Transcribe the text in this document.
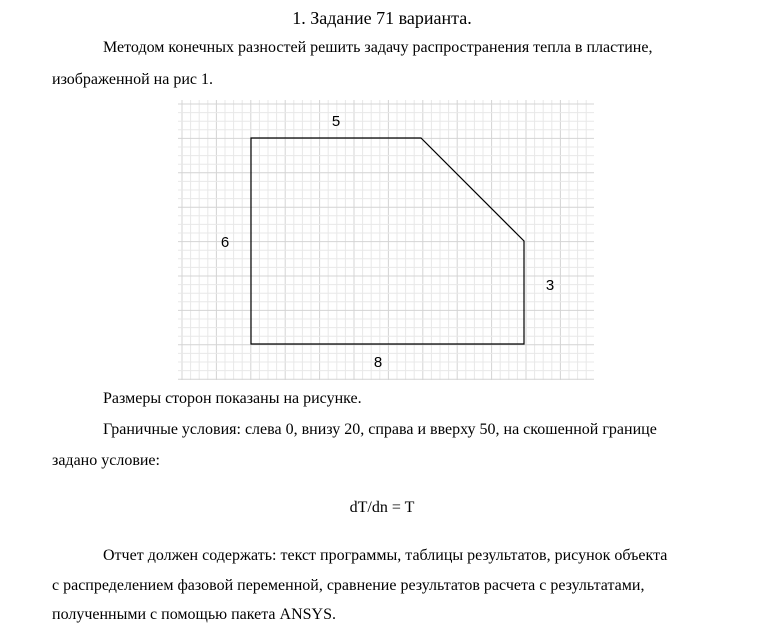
1. Задание 71 варианта.
Методом конечных разностей решить задачу распространения тепла в пластине,
изображенной на рис 1.
5
6
3
8
Размеры сторон показаны на рисунке.
Граничные условия: слева 0, внизу 20, справа и вверху 50, на скошенной границе
задано условие:
dT/dn = T
Отчет должен содержать: текст программы, таблицы результатов, рисунок объекта
с распределением фазовой переменной, сравнение результатов расчета с результатами,
полученными с помощью пакета ANSYS.
